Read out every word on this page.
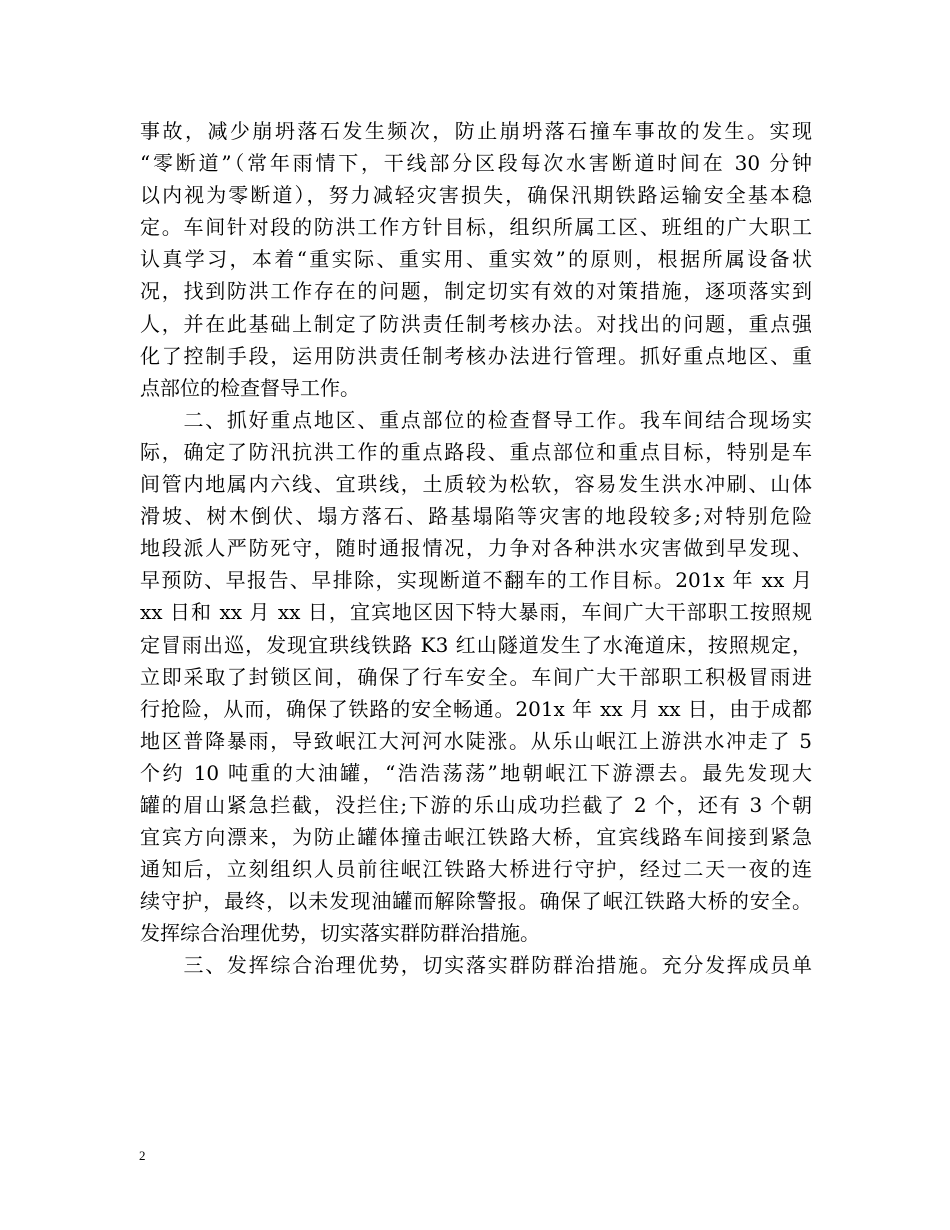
事故，减少崩坍落石发生频次，防止崩坍落石撞车事故的发生。实现
“零断道”（常年雨情下，干线部分区段每次水害断道时间在 30 分钟
以内视为零断道），努力减轻灾害损失，确保汛期铁路运输安全基本稳
定。车间针对段的防洪工作方针目标，组织所属工区、班组的广大职工
认真学习，本着“重实际、重实用、重实效”的原则，根据所属设备状
况，找到防洪工作存在的问题，制定切实有效的对策措施，逐项落实到
人，并在此基础上制定了防洪责任制考核办法。对找出的问题，重点强
化了控制手段，运用防洪责任制考核办法进行管理。抓好重点地区、重
点部位的检查督导工作。
　　二、抓好重点地区、重点部位的检查督导工作。我车间结合现场实
际，确定了防汛抗洪工作的重点路段、重点部位和重点目标，特别是车
间管内地属内六线、宜珙线，土质较为松软，容易发生洪水冲刷、山体
滑坡、树木倒伏、塌方落石、路基塌陷等灾害的地段较多;对特别危险
地段派人严防死守，随时通报情况，力争对各种洪水灾害做到早发现、
早预防、早报告、早排除，实现断道不翻车的工作目标。201x 年 xx 月
xx 日和 xx 月 xx 日，宜宾地区因下特大暴雨，车间广大干部职工按照规
定冒雨出巡，发现宜珙线铁路 K3 红山隧道发生了水淹道床，按照规定，
立即采取了封锁区间，确保了行车安全。车间广大干部职工积极冒雨进
行抢险，从而，确保了铁路的安全畅通。201x 年 xx 月 xx 日，由于成都
地区普降暴雨，导致岷江大河河水陡涨。从乐山岷江上游洪水冲走了 5
个约 10 吨重的大油罐，“浩浩荡荡”地朝岷江下游漂去。最先发现大
罐的眉山紧急拦截，没拦住;下游的乐山成功拦截了 2 个，还有 3 个朝
宜宾方向漂来，为防止罐体撞击岷江铁路大桥，宜宾线路车间接到紧急
通知后，立刻组织人员前往岷江铁路大桥进行守护，经过二天一夜的连
续守护，最终，以未发现油罐而解除警报。确保了岷江铁路大桥的安全。
发挥综合治理优势，切实落实群防群治措施。
　　三、发挥综合治理优势，切实落实群防群治措施。充分发挥成员单
2
